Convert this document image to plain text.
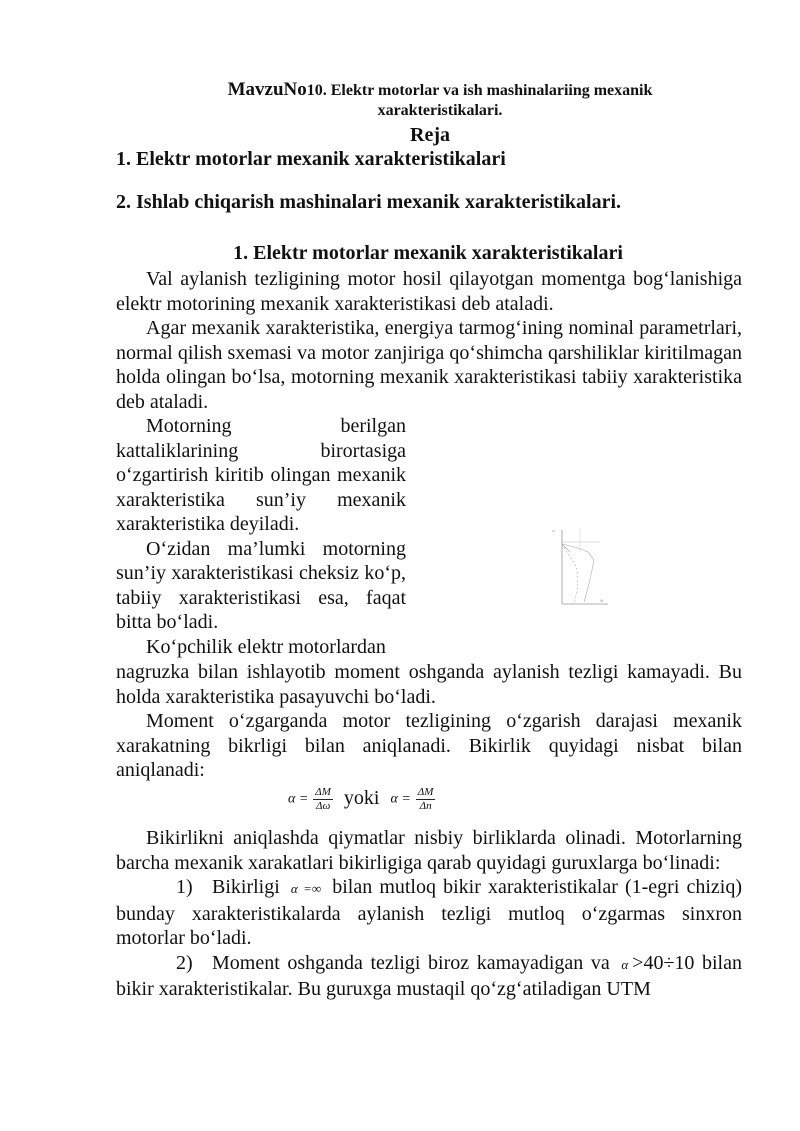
MavzuNo10. Elektr motorlar va ish mashinalariing mexanik
xarakteristikalari.
Reja
1. Elektr motorlar mexanik xarakteristikalari
2. Ishlab chiqarish mashinalari mexanik xarakteristikalari.
1. Elektr motorlar mexanik xarakteristikalari

Val aylanish tezligining motor hosil qilayotgan momentga bog‘lanishiga elektr motorining mexanik xarakteristikasi deb ataladi.

Agar mexanik xarakteristika, energiya tarmog‘ining nominal parametrlari, normal qilish sxemasi va motor zanjiriga qo‘shimcha qarshiliklar kiritilmagan holda olingan bo‘lsa, motorning mexanik xarakteristikasi tabiiy xarakteristika deb ataladi.

Motorning berilgan kattaliklarining birortasiga o‘zgartirish kiritib olingan mexanik xarakteristika sun’iy mexanik xarakteristika deyiladi.

O‘zidan ma’lumki motorning sun’iy xarakteristikasi cheksiz ko‘p, tabiiy xarakteristikasi esa, faqat bitta bo‘ladi.

Ko‘pchilik elektr motorlardan

ω
M

nagruzka bilan ishlayotib moment oshganda aylanish tezligi kamayadi. Bu holda xarakteristika pasayuvchi bo‘ladi.

Moment o‘zgarganda motor tezligining o‘zgarish darajasi mexanik xarakatning bikrligi bilan aniqlanadi. Bikirlik quyidagi nisbat bilan aniqlanadi:

$\alpha = \frac{\Delta M}{\Delta\omega}$ yoki $\alpha = \frac{\Delta M}{\Delta n}$

Bikirlikni aniqlashda qiymatlar nisbiy birliklarda olinadi. Motorlarning barcha mexanik xarakatlari bikirligiga qarab quyidagi guruxlarga bo‘linadi:

1) Bikirligi α =∞ bilan mutloq bikir xarakteristikalar (1-egri chiziq) bunday xarakteristikalarda aylanish tezligi mutloq o‘zgarmas sinxron motorlar bo‘ladi.

2) Moment oshganda tezligi biroz kamayadigan va α >40÷10 bilan bikir xarakteristikalar. Bu guruxga mustaqil qo‘zg‘atiladigan UTM
